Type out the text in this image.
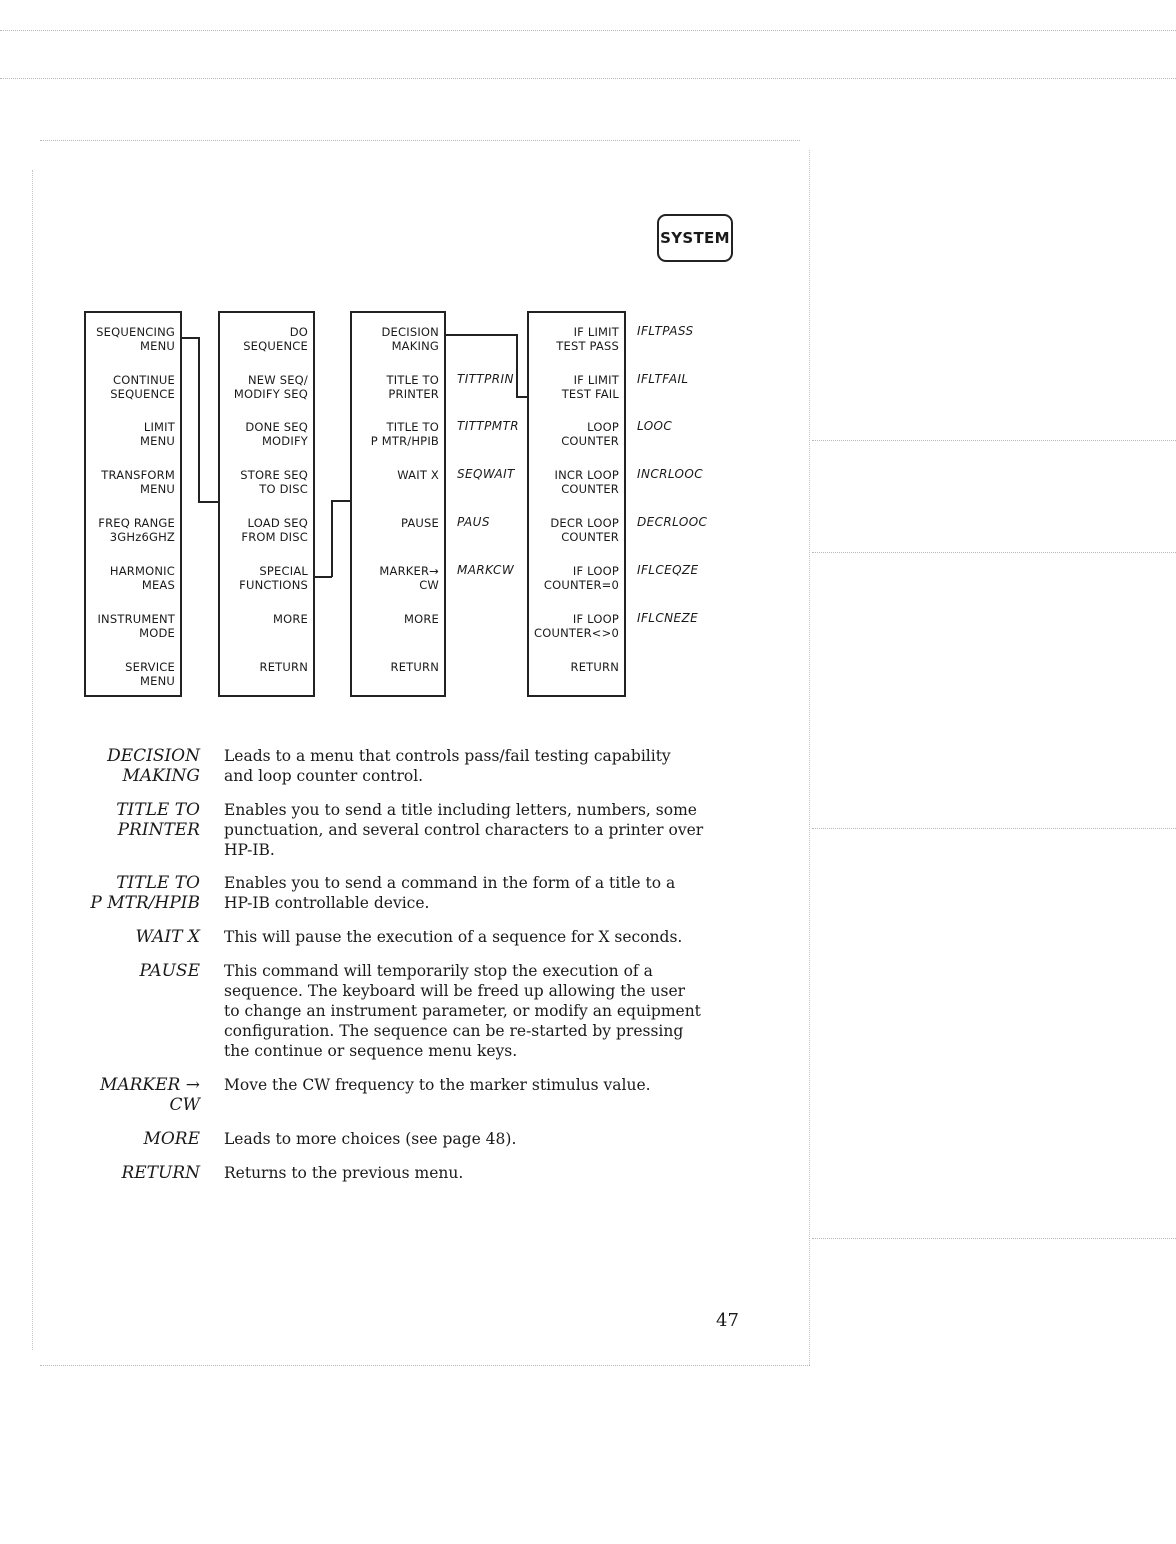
SYSTEM
SEQUENCING
MENU
CONTINUE
SEQUENCE
LIMIT
MENU
TRANSFORM
MENU
FREQ RANGE
3GHz6GHZ
HARMONIC
MEAS
INSTRUMENT
MODE
SERVICE
MENU
DO
SEQUENCE
NEW SEQ/
MODIFY SEQ
DONE SEQ
MODIFY
STORE SEQ
TO DISC
LOAD SEQ
FROM DISC
SPECIAL
FUNCTIONS
MORE
RETURN
DECISION
MAKING
TITLE TO
PRINTER
TITLE TO
P MTR/HPIB
WAIT X
PAUSE
MARKER→
CW
MORE
RETURN
IF LIMIT
TEST PASS
IF LIMIT
TEST FAIL
LOOP
COUNTER
INCR LOOP
COUNTER
DECR LOOP
COUNTER
IF LOOP
COUNTER=0
IF LOOP
COUNTER<>0
RETURN
TITTPRIN
TITTPMTR
SEQWAIT
PAUS
MARKCW
IFLTPASS
IFLTFAIL
LOOC
INCRLOOC
DECRLOOC
IFLCEQZE
IFLCNEZE
DECISION
MAKING
Leads to a menu that controls pass/fail testing capability and loop counter control.
TITLE TO
PRINTER
Enables you to send a title including letters, numbers, some punctuation, and several control characters to a printer over HP-IB.
TITLE TO
P MTR/HPIB
Enables you to send a command in the form of a title to a HP-IB controllable device.
WAIT X This will pause the execution of a sequence for X seconds.
PAUSE This command will temporarily stop the execution of a sequence. The keyboard will be freed up allowing the user to change an instrument parameter, or modify an equipment configuration. The sequence can be re-started by pressing the continue or sequence menu keys.
MARKER →
CW
Move the CW frequency to the marker stimulus value.
MORE Leads to more choices (see page 48).
RETURN Returns to the previous menu.
47
